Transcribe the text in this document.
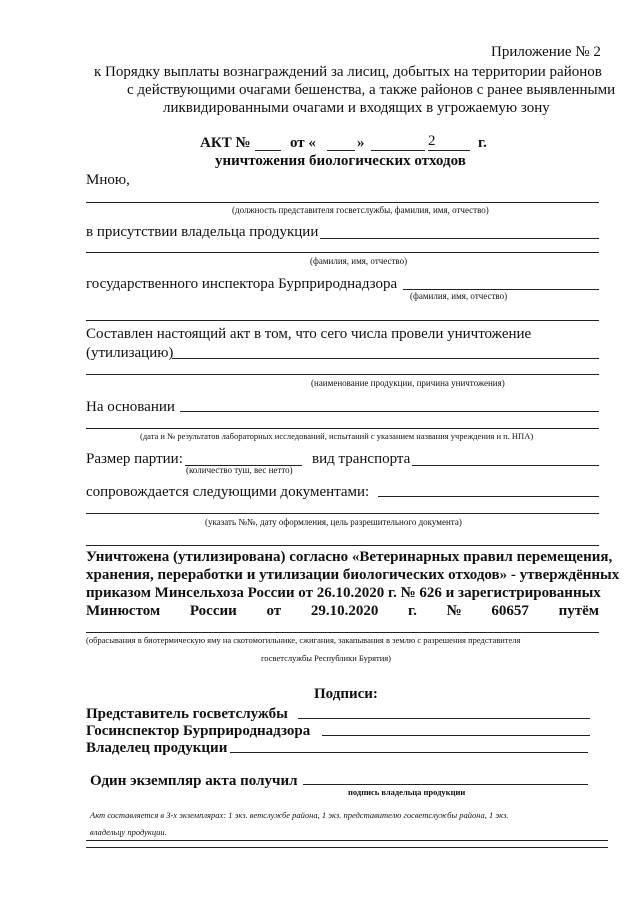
Приложение № 2
к Порядку выплаты вознаграждений за лисиц, добытых на территории районов
с действующими очагами бешенства, а также районов с ранее выявленными
ликвидированными очагами и входящих в угрожаемую зону
АКТ №	от «	»	2	г.
уничтожения биологических отходов
Мною,
(должность представителя госветслужбы, фамилия, имя, отчество)
в присутствии владельца продукции
(фамилия, имя, отчество)
государственного инспектора Бурприроднадзора
(фамилия, имя, отчество)
Составлен настоящий акт в том, что сего числа провели уничтожение
(утилизацию)
(наименование продукции, причина уничтожения)
На основании
(дата и № результатов лабораторных исследований, испытаний с указанием названия учреждения и п. НПА)
Размер партии:
(количество туш, вес нетто)
вид транспорта
сопровождается следующими документами:
(указать №№, дату оформления, цель разрешительного документа)
Уничтожена (утилизирована) согласно «Ветеринарных правил перемещения,
хранения, переработки и утилизации биологических отходов» - утверждённых
приказом Минсельхоза России от 26.10.2020 г. № 626 и зарегистрированных
Минюстом России от 29.10.2020 г. № 60657 путём
(обрасывания в биотермическую яму на скотомогильнике, сжигания, закапывания в землю с разрешения представителя
госветслужбы Республики Бурятия)
Подписи:
Представитель госветслужбы
Госинспектор Бурприроднадзора
Владелец продукции
Один экземпляр акта получил
подпись владельца продукции
Акт составляется в 3-х экземплярах: 1 экз. ветслужбе района, 1 экз. представителю госветслужбы района, 1 экз.
владельцу продукции.
